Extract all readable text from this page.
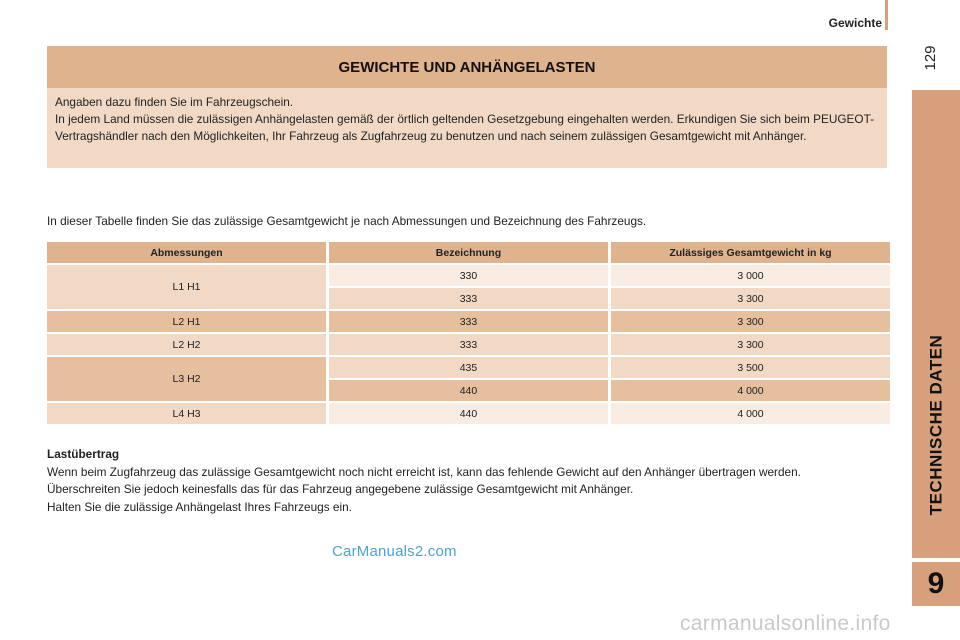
Gewichte
129
TECHNISCHE DATEN
9
GEWICHTE UND ANHÄNGELASTEN

Angaben dazu finden Sie im Fahrzeugschein.

In jedem Land müssen die zulässigen Anhängelasten gemäß der örtlich geltenden Gesetzgebung eingehalten werden. Erkundigen Sie sich beim PEUGEOT-Vertragshändler nach den Möglichkeiten, Ihr Fahrzeug als Zugfahrzeug zu benutzen und nach seinem zulässigen Gesamtgewicht mit Anhänger.

In dieser Tabelle finden Sie das zulässige Gesamtgewicht je nach Abmessungen und Bezeichnung des Fahrzeugs.
Abmessungen	Bezeichnung	Zulässiges Gesamtgewicht in kg
L1 H1	330	3 000
	333	3 300
L2 H1	333	3 300
L2 H2	333	3 300
L3 H2	435	3 500
	440	4 000
L4 H3	440	4 000
Lastübertrag

Wenn beim Zugfahrzeug das zulässige Gesamtgewicht noch nicht erreicht ist, kann das fehlende Gewicht auf den Anhänger übertragen werden.

Überschreiten Sie jedoch keinesfalls das für das Fahrzeug angegebene zulässige Gesamtgewicht mit Anhänger.

Halten Sie die zulässige Anhängelast Ihres Fahrzeugs ein.

CarManuals2.com
carmanualsonline.info
